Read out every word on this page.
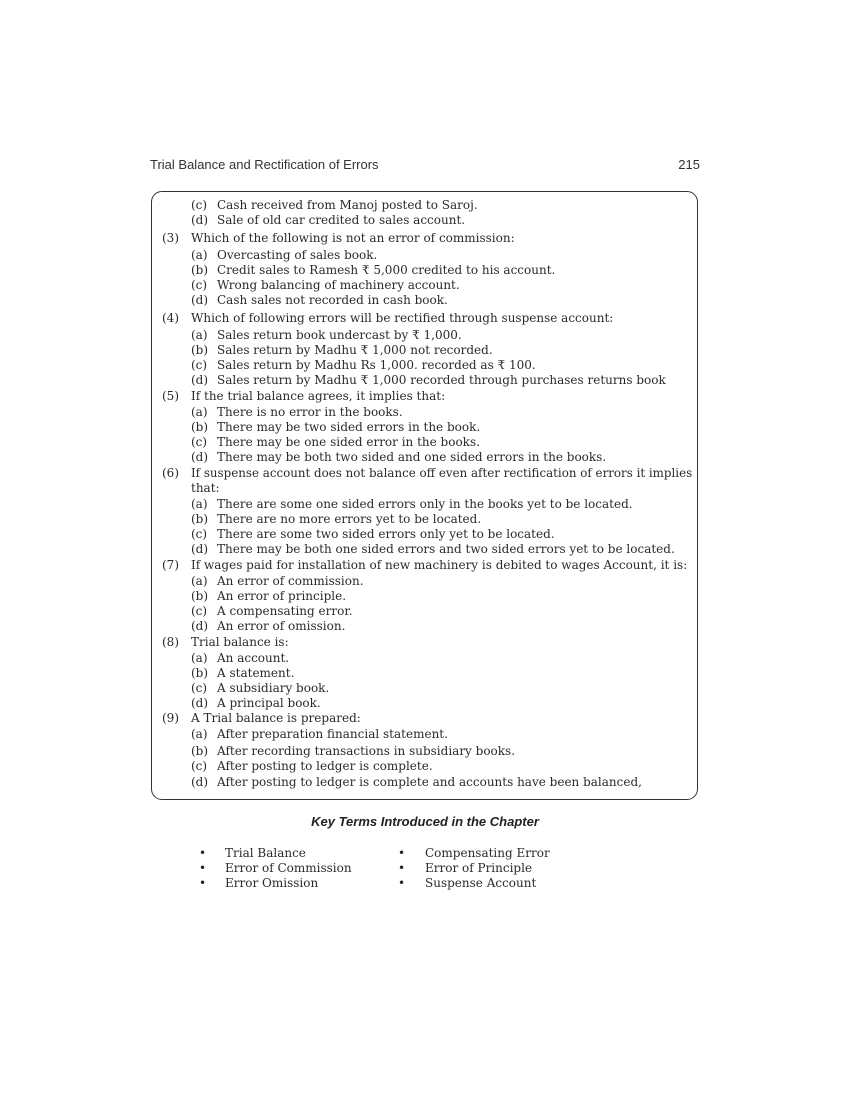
Trial Balance and Rectification of Errors	215
(c) Cash received from Manoj posted to Saroj.
(d) Sale of old car credited to sales account.
(3) Which of the following is not an error of commission:
(a) Overcasting of sales book.
(b) Credit sales to Ramesh ₹ 5,000 credited to his account.
(c) Wrong balancing of machinery account.
(d) Cash sales not recorded in cash book.
(4) Which of following errors will be rectified through suspense account:
(a) Sales return book undercast by ₹ 1,000.
(b) Sales return by Madhu ₹ 1,000 not recorded.
(c) Sales return by Madhu Rs 1,000. recorded as ₹ 100.
(d) Sales return by Madhu ₹ 1,000 recorded through purchases returns book
(5) If the trial balance agrees, it implies that:
(a) There is no error in the books.
(b) There may be two sided errors in the book.
(c) There may be one sided error in the books.
(d) There may be both two sided and one sided errors in the books.
(6) If suspense account does not balance off even after rectification of errors it implies
that:
(a) There are some one sided errors only in the books yet to be located.
(b) There are no more errors yet to be located.
(c) There are some two sided errors only yet to be located.
(d) There may be both one sided errors and two sided errors yet to be located.
(7) If wages paid for installation of new machinery is debited to wages Account, it is:
(a) An error of commission.
(b) An error of principle.
(c) A compensating error.
(d) An error of omission.
(8) Trial balance is:
(a) An account.
(b) A statement.
(c) A subsidiary book.
(d) A principal book.
(9) A Trial balance is prepared:
(a) After preparation financial statement.
(b) After recording transactions in subsidiary books.
(c) After posting to ledger is complete.
(d) After posting to ledger is complete and accounts have been balanced,
Key Terms Introduced in the Chapter
• Trial Balance
• Error of Commission
• Error Omission
• Compensating Error
• Error of Principle
• Suspense Account
